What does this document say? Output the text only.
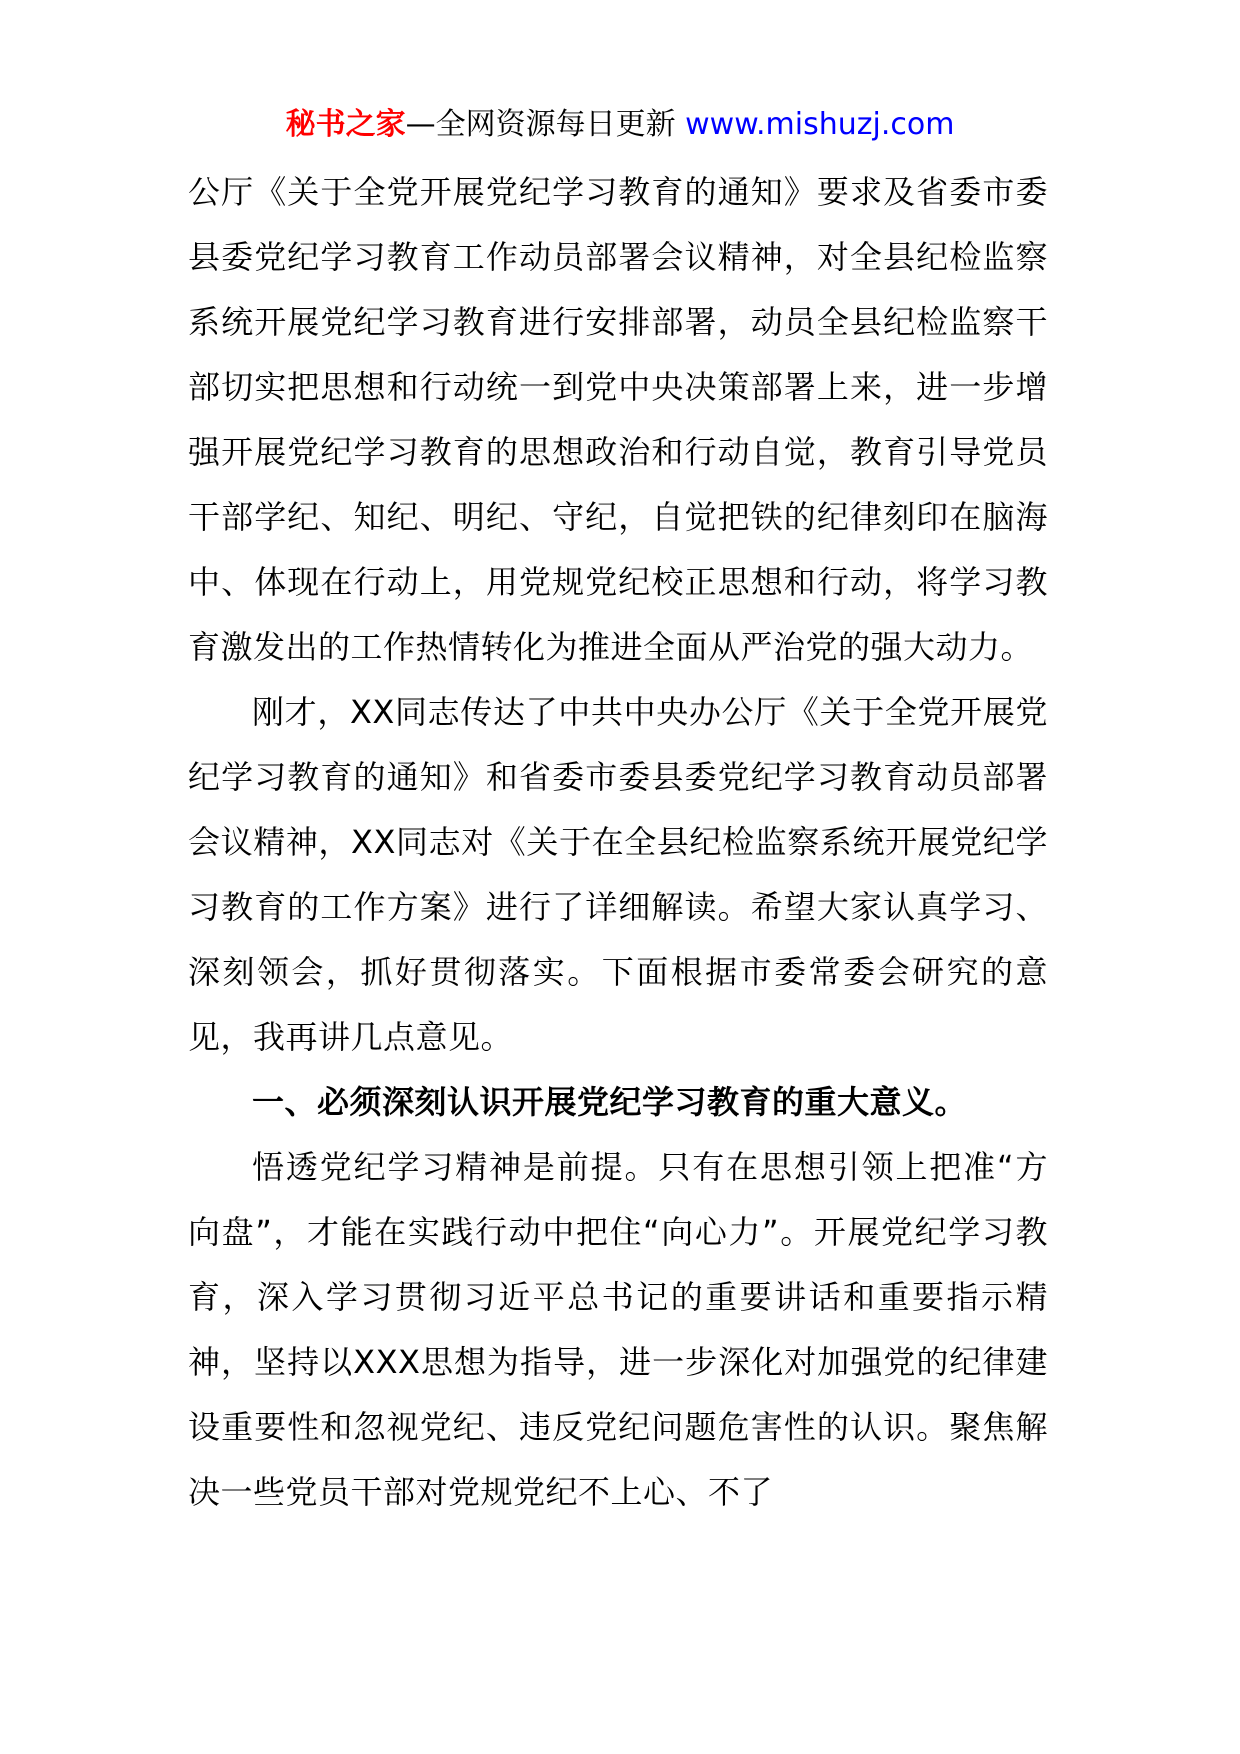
秘书之家—全网资源每日更新 www.mishuzj.com

公厅《关于全党开展党纪学习教育的通知》要求及省委市委县委党纪学习教育工作动员部署会议精神，对全县纪检监察系统开展党纪学习教育进行安排部署，动员全县纪检监察干部切实把思想和行动统一到党中央决策部署上来，进一步增强开展党纪学习教育的思想政治和行动自觉，教育引导党员干部学纪、知纪、明纪、守纪，自觉把铁的纪律刻印在脑海中、体现在行动上，用党规党纪校正思想和行动，将学习教育激发出的工作热情转化为推进全面从严治党的强大动力。

刚才，XX同志传达了中共中央办公厅《关于全党开展党纪学习教育的通知》和省委市委县委党纪学习教育动员部署会议精神，XX同志对《关于在全县纪检监察系统开展党纪学习教育的工作方案》进行了详细解读。希望大家认真学习、深刻领会，抓好贯彻落实。下面根据市委常委会研究的意见，我再讲几点意见。

一、必须深刻认识开展党纪学习教育的重大意义。

悟透党纪学习精神是前提。只有在思想引领上把准“方向盘”，才能在实践行动中把住“向心力”。开展党纪学习教育，深入学习贯彻习近平总书记的重要讲话和重要指示精神，坚持以XXX思想为指导，进一步深化对加强党的纪律建设重要性和忽视党纪、违反党纪问题危害性的认识。聚焦解决一些党员干部对党规党纪不上心、不了
